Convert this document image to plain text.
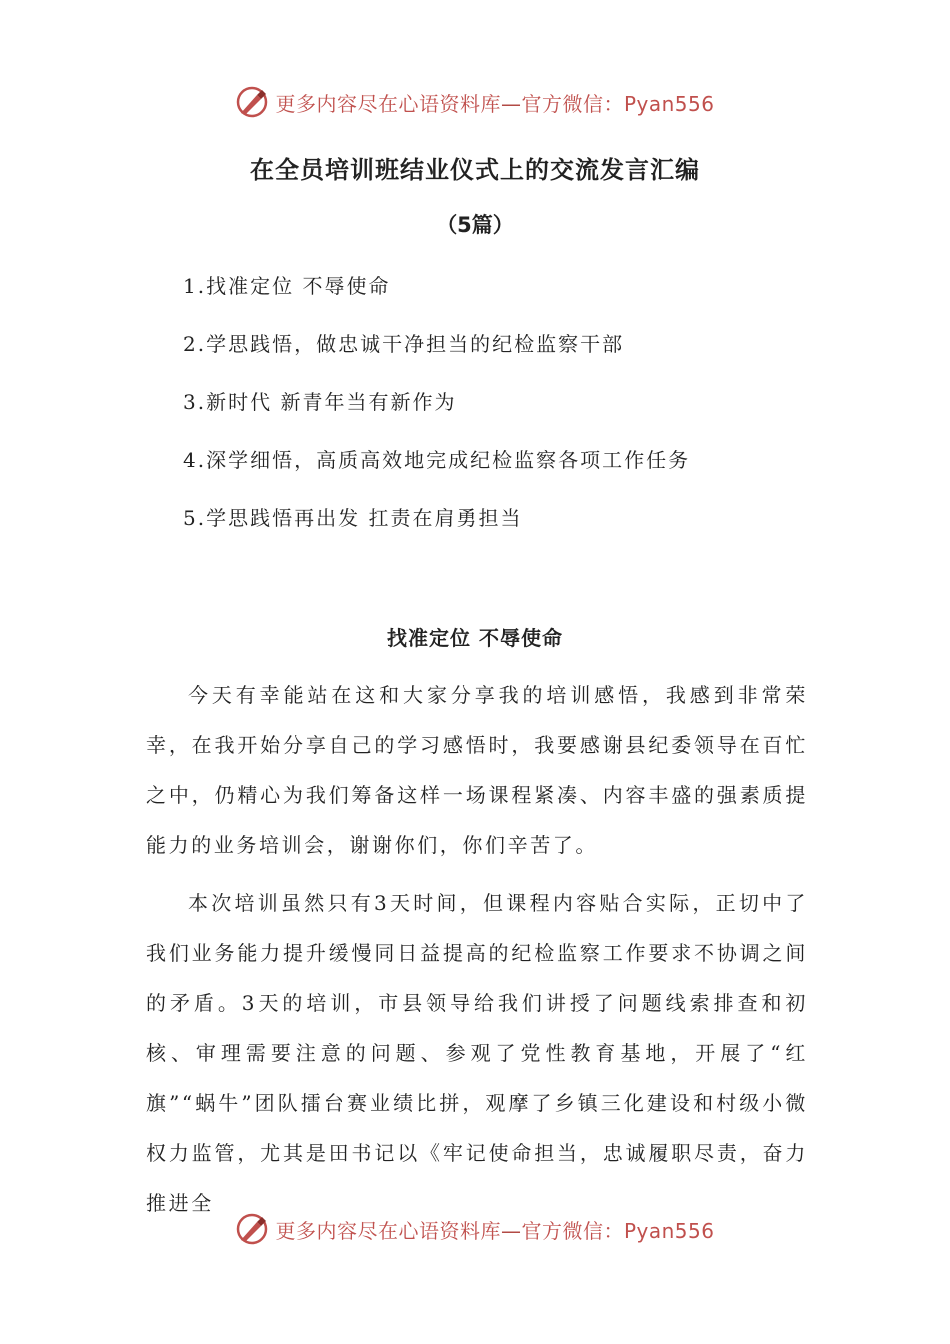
更多内容尽在心语资料库—官方微信：Pyan556
在全员培训班结业仪式上的交流发言汇编
（5篇）
1.找准定位 不辱使命
2.学思践悟，做忠诚干净担当的纪检监察干部
3.新时代 新青年当有新作为
4.深学细悟，高质高效地完成纪检监察各项工作任务
5.学思践悟再出发 扛责在肩勇担当
找准定位 不辱使命

今天有幸能站在这和大家分享我的培训感悟，我感到非常荣幸，在我开始分享自己的学习感悟时，我要感谢县纪委领导在百忙之中，仍精心为我们筹备这样一场课程紧凑、内容丰盛的强素质提能力的业务培训会，谢谢你们，你们辛苦了。

本次培训虽然只有3天时间，但课程内容贴合实际，正切中了我们业务能力提升缓慢同日益提高的纪检监察工作要求不协调之间的矛盾。3天的培训，市县领导给我们讲授了问题线索排查和初核、审理需要注意的问题、参观了党性教育基地，开展了“红旗”“蜗牛”团队擂台赛业绩比拼，观摩了乡镇三化建设和村级小微权力监管，尤其是田书记以《牢记使命担当，忠诚履职尽责，奋力推进全

更多内容尽在心语资料库—官方微信：Pyan556
